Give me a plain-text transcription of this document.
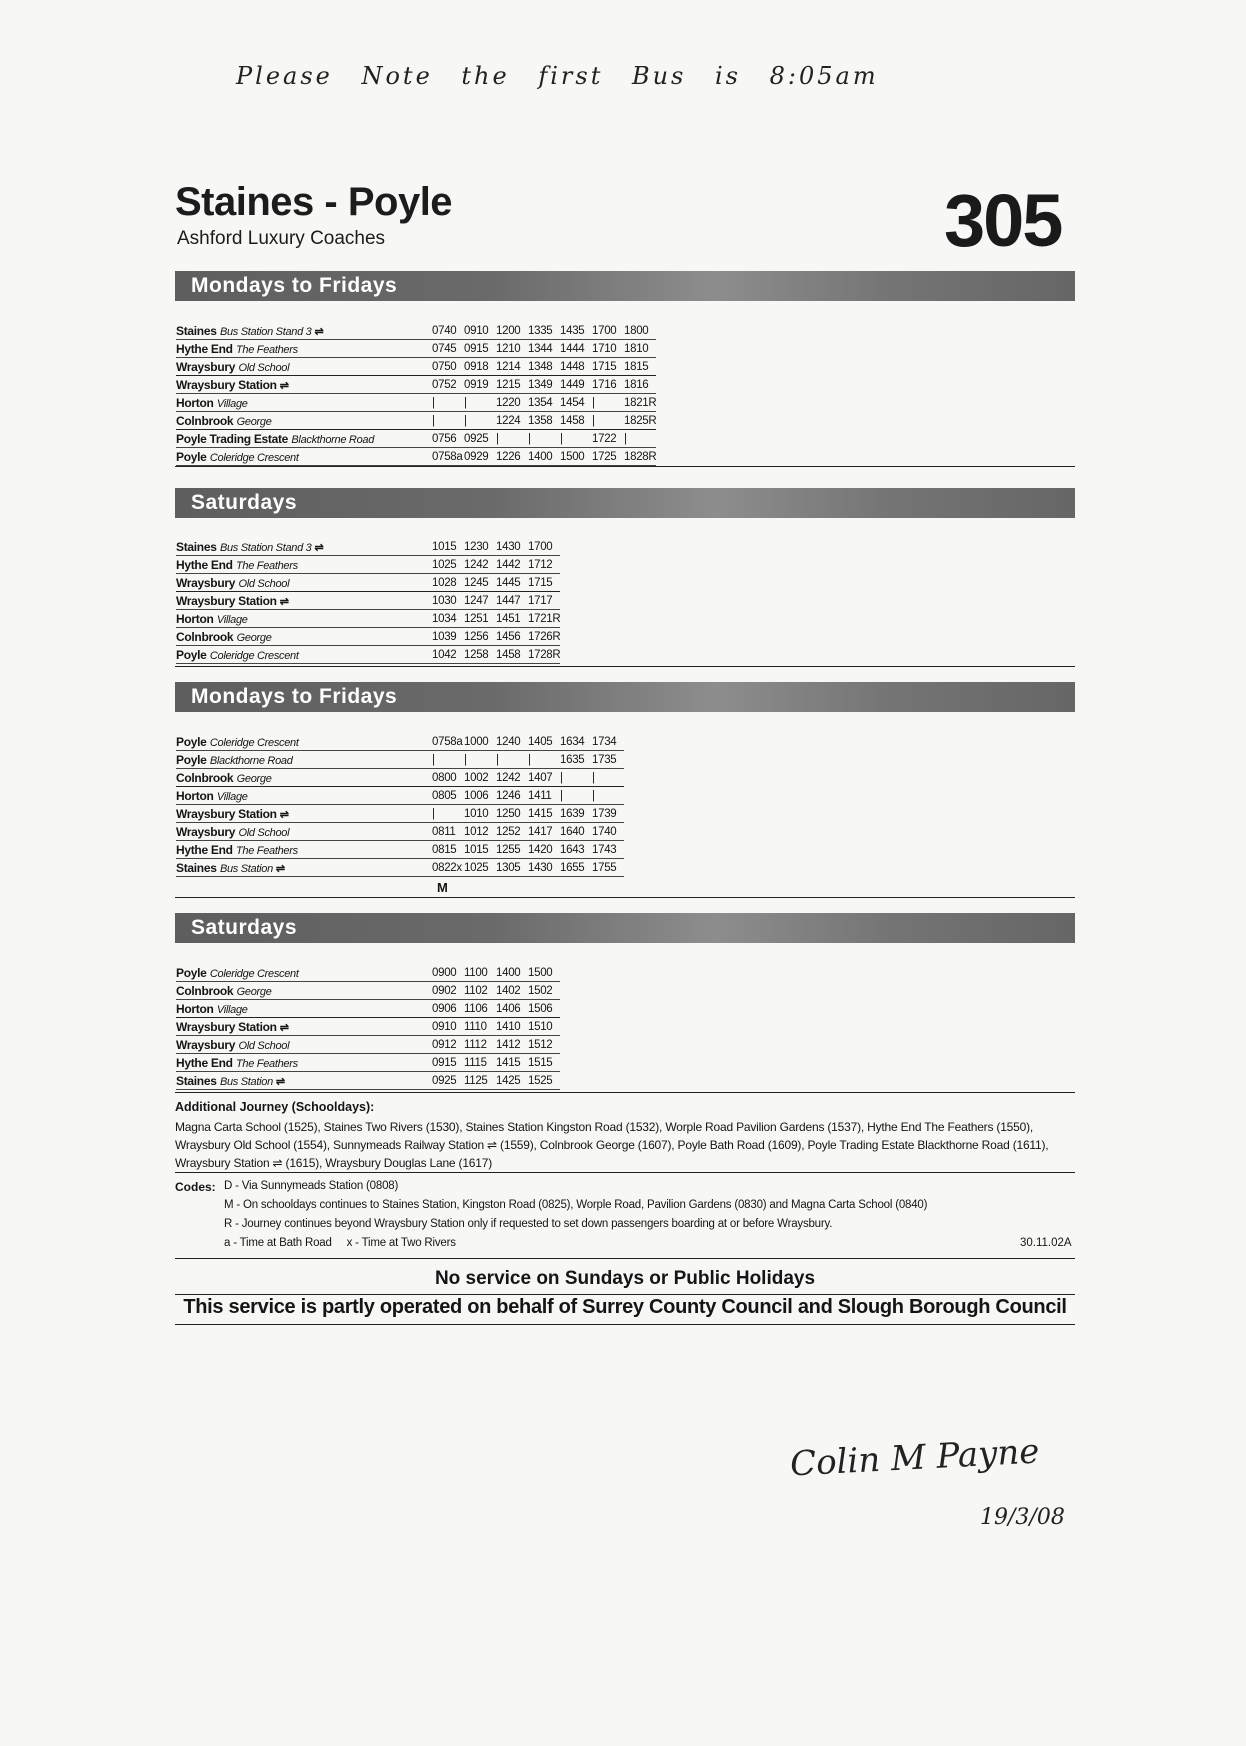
Please Note the first Bus is 8:05am
Staines - Poyle
Ashford Luxury Coaches	305
Mondays to Fridays
Staines Bus Station Stand 3 ⇌	0740	0910	1200	1335	1435	1700	1800
Hythe End The Feathers	0745	0915	1210	1344	1444	1710	1810
Wraysbury Old School	0750	0918	1214	1348	1448	1715	1815
Wraysbury Station ⇌	0752	0919	1215	1349	1449	1716	1816
Horton Village	|	|	1220	1354	1454	|	1821R
Colnbrook George	|	|	1224	1358	1458	|	1825R
Poyle Trading Estate Blackthorne Road	0756	0925	|	|	|	1722	|
Poyle Coleridge Crescent	0758a	0929	1226	1400	1500	1725	1828R
Saturdays
Staines Bus Station Stand 3 ⇌	1015	1230	1430	1700
Hythe End The Feathers	1025	1242	1442	1712
Wraysbury Old School	1028	1245	1445	1715
Wraysbury Station ⇌	1030	1247	1447	1717
Horton Village	1034	1251	1451	1721R
Colnbrook George	1039	1256	1456	1726R
Poyle Coleridge Crescent	1042	1258	1458	1728R
Mondays to Fridays
Poyle Coleridge Crescent	0758a	1000	1240	1405	1634	1734
Poyle Blackthorne Road	|	|	|	|	1635	1735
Colnbrook George	0800	1002	1242	1407	|	|
Horton Village	0805	1006	1246	1411	|	|
Wraysbury Station ⇌	|	1010	1250	1415	1639	1739
Wraysbury Old School	0811	1012	1252	1417	1640	1740
Hythe End The Feathers	0815	1015	1255	1420	1643	1743
Staines Bus Station ⇌	0822x	1025	1305	1430	1655	1755
M
Saturdays
Poyle Coleridge Crescent	0900	1100	1400	1500
Colnbrook George	0902	1102	1402	1502
Horton Village	0906	1106	1406	1506
Wraysbury Station ⇌	0910	1110	1410	1510
Wraysbury Old School	0912	1112	1412	1512
Hythe End The Feathers	0915	1115	1415	1515
Staines Bus Station ⇌	0925	1125	1425	1525
Additional Journey (Schooldays):
Magna Carta School (1525), Staines Two Rivers (1530), Staines Station Kingston Road (1532), Worple Road Pavilion Gardens (1537), Hythe End The Feathers (1550),
Wraysbury Old School (1554), Sunnymeads Railway Station ⇌ (1559), Colnbrook George (1607), Poyle Bath Road (1609), Poyle Trading Estate Blackthorne Road (1611),
Wraysbury Station ⇌ (1615), Wraysbury Douglas Lane (1617)
Codes: D - Via Sunnymeads Station (0808)
M - On schooldays continues to Staines Station, Kingston Road (0825), Worple Road, Pavilion Gardens (0830) and Magna Carta School (0840)
R - Journey continues beyond Wraysbury Station only if requested to set down passengers boarding at or before Wraysbury.
a - Time at Bath Road     x - Time at Two Rivers	30.11.02A
No service on Sundays or Public Holidays
This service is partly operated on behalf of Surrey County Council and Slough Borough Council
Colin M Payne
19/3/08
